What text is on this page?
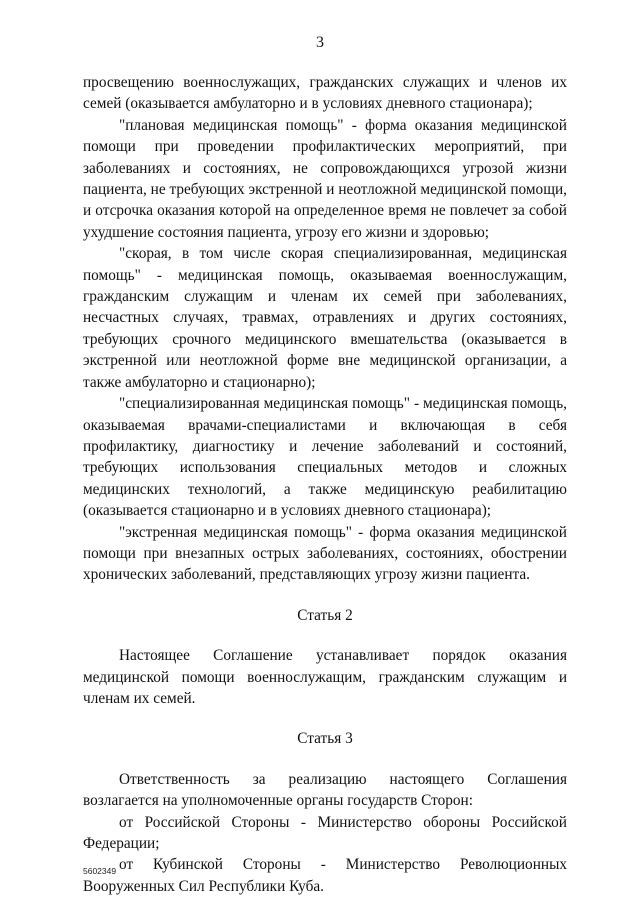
3

просвещению военнослужащих, гражданских служащих и членов их семей (оказывается амбулаторно и в условиях дневного стационара);

"плановая медицинская помощь" - форма оказания медицинской помощи при проведении профилактических мероприятий, при заболеваниях и состояниях, не сопровождающихся угрозой жизни пациента, не требующих экстренной и неотложной медицинской помощи, и отсрочка оказания которой на определенное время не повлечет за собой ухудшение состояния пациента, угрозу его жизни и здоровью;

"скорая, в том числе скорая специализированная, медицинская помощь" - медицинская помощь, оказываемая военнослужащим, гражданским служащим и членам их семей при заболеваниях, несчастных случаях, травмах, отравлениях и других состояниях, требующих срочного медицинского вмешательства (оказывается в экстренной или неотложной форме вне медицинской организации, а также амбулаторно и стационарно);

"специализированная медицинская помощь" - медицинская помощь, оказываемая врачами-специалистами и включающая в себя профилактику, диагностику и лечение заболеваний и состояний, требующих использования специальных методов и сложных медицинских технологий, а также медицинскую реабилитацию (оказывается стационарно и в условиях дневного стационара);

"экстренная медицинская помощь" - форма оказания медицинской помощи при внезапных острых заболеваниях, состояниях, обострении хронических заболеваний, представляющих угрозу жизни пациента.

Статья 2

Настоящее Соглашение устанавливает порядок оказания медицинской помощи военнослужащим, гражданским служащим и членам их семей.

Статья 3

Ответственность за реализацию настоящего Соглашения возлагается на уполномоченные органы государств Сторон:

от Российской Стороны - Министерство обороны Российской Федерации;

от Кубинской Стороны - Министерство Революционных Вооруженных Сил Республики Куба.

5602349
